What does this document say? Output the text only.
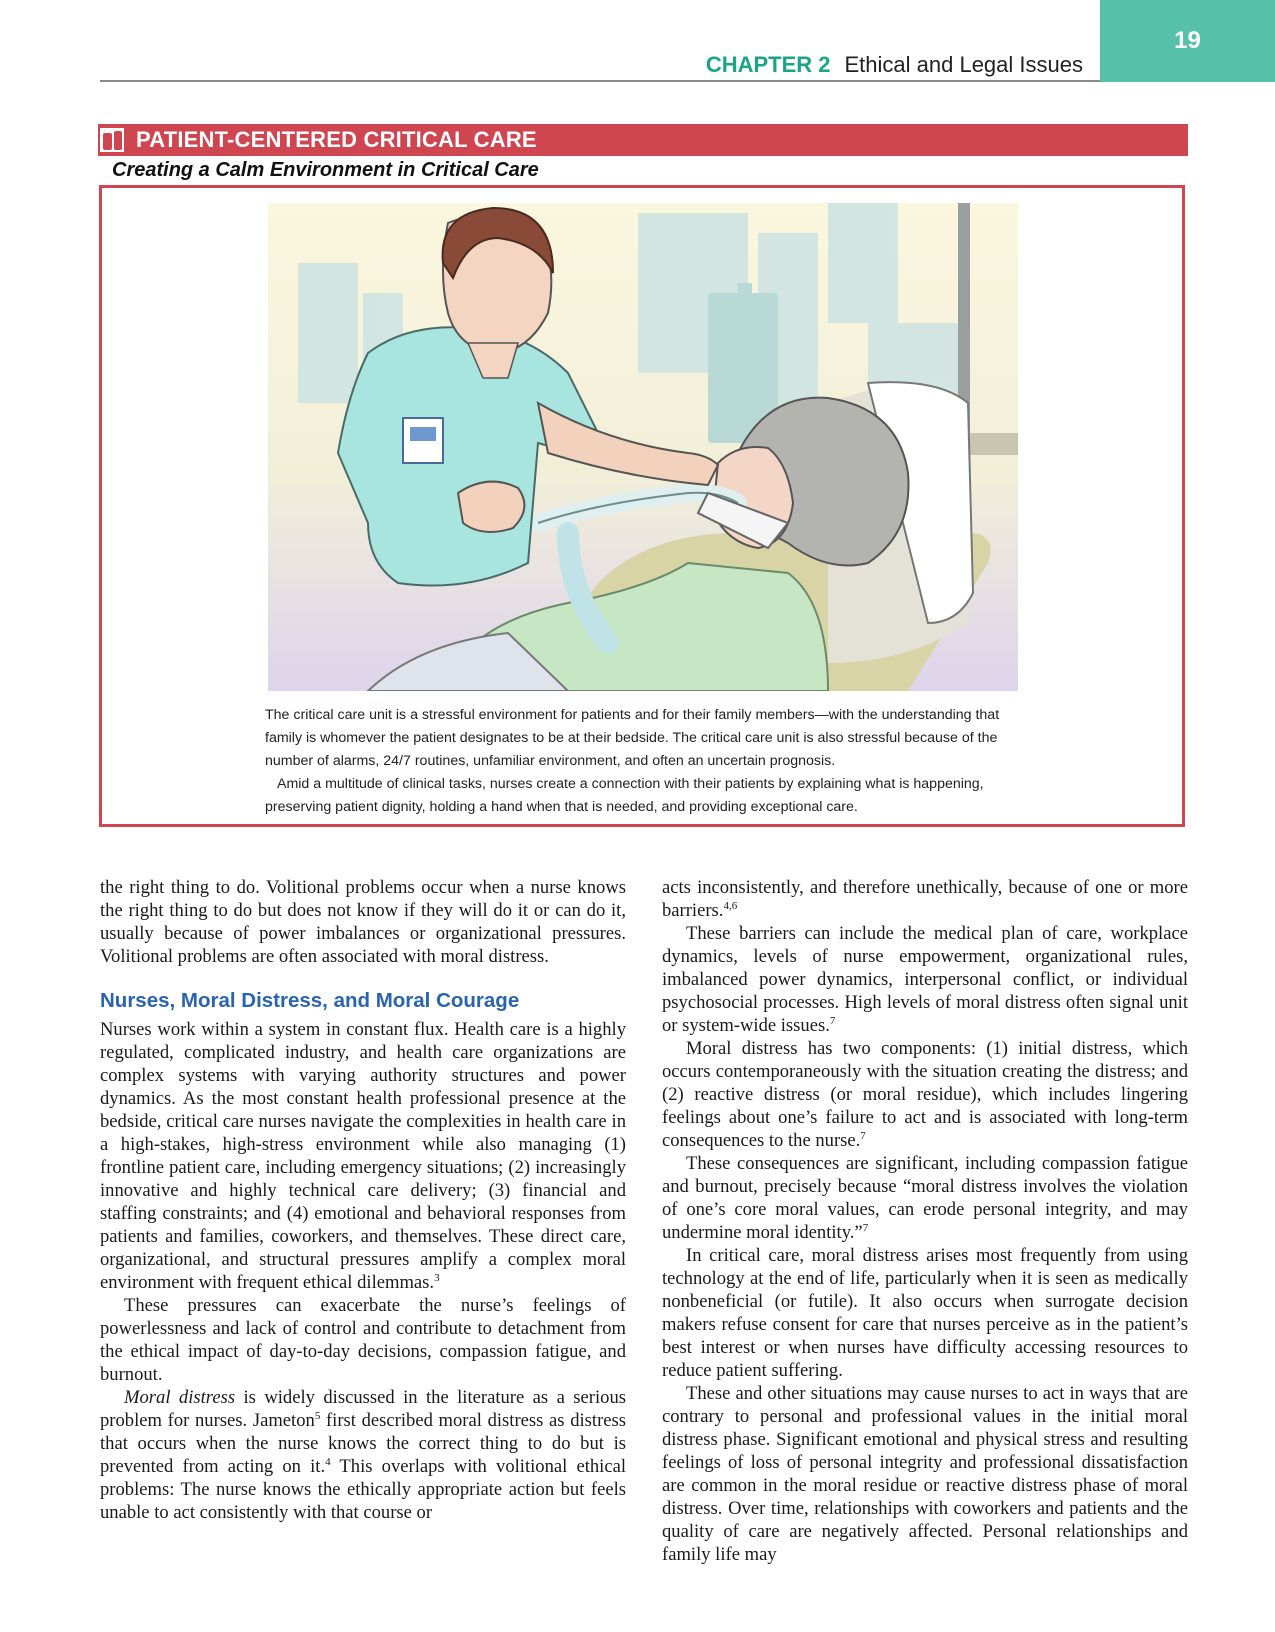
19
CHAPTER 2 Ethical and Legal Issues
PATIENT-CENTERED CRITICAL CARE
Creating a Calm Environment in Critical Care

The critical care unit is a stressful environment for patients and for their family members—with the understanding that family is whomever the patient designates to be at their bedside. The critical care unit is also stressful because of the number of alarms, 24/7 routines, unfamiliar environment, and often an uncertain prognosis.

Amid a multitude of clinical tasks, nurses create a connection with their patients by explaining what is happening, preserving patient dignity, holding a hand when that is needed, and providing exceptional care.

the right thing to do. Volitional problems occur when a nurse knows the right thing to do but does not know if they will do it or can do it, usually because of power imbalances or organizational pressures. Volitional problems are often associated with moral distress.

Nurses, Moral Distress, and Moral Courage

Nurses work within a system in constant flux. Health care is a highly regulated, complicated industry, and health care organizations are complex systems with varying authority structures and power dynamics. As the most constant health professional presence at the bedside, critical care nurses navigate the complexities in health care in a high-stakes, high-stress environment while also managing (1) frontline patient care, including emergency situations; (2) increasingly innovative and highly technical care delivery; (3) financial and staffing constraints; and (4) emotional and behavioral responses from patients and families, coworkers, and themselves. These direct care, organizational, and structural pressures amplify a complex moral environment with frequent ethical dilemmas.$^3$

These pressures can exacerbate the nurse’s feelings of powerlessness and lack of control and contribute to detachment from the ethical impact of day-to-day decisions, compassion fatigue, and burnout.

Moral distress is widely discussed in the literature as a serious problem for nurses. Jameton$^5$ first described moral distress as distress that occurs when the nurse knows the correct thing to do but is prevented from acting on it.$^4$ This overlaps with volitional ethical problems: The nurse knows the ethically appropriate action but feels unable to act consistently with that course or

acts inconsistently, and therefore unethically, because of one or more barriers.$^{4,6}$

These barriers can include the medical plan of care, workplace dynamics, levels of nurse empowerment, organizational rules, imbalanced power dynamics, interpersonal conflict, or individual psychosocial processes. High levels of moral distress often signal unit or system-wide issues.$^7$

Moral distress has two components: (1) initial distress, which occurs contemporaneously with the situation creating the distress; and (2) reactive distress (or moral residue), which includes lingering feelings about one’s failure to act and is associated with long-term consequences to the nurse.$^7$

These consequences are significant, including compassion fatigue and burnout, precisely because “moral distress involves the violation of one’s core moral values, can erode personal integrity, and may undermine moral identity.”$^7$

In critical care, moral distress arises most frequently from using technology at the end of life, particularly when it is seen as medically nonbeneficial (or futile). It also occurs when surrogate decision makers refuse consent for care that nurses perceive as in the patient’s best interest or when nurses have difficulty accessing resources to reduce patient suffering.

These and other situations may cause nurses to act in ways that are contrary to personal and professional values in the initial moral distress phase. Significant emotional and physical stress and resulting feelings of loss of personal integrity and professional dissatisfaction are common in the moral residue or reactive distress phase of moral distress. Over time, relationships with coworkers and patients and the quality of care are negatively affected. Personal relationships and family life may
